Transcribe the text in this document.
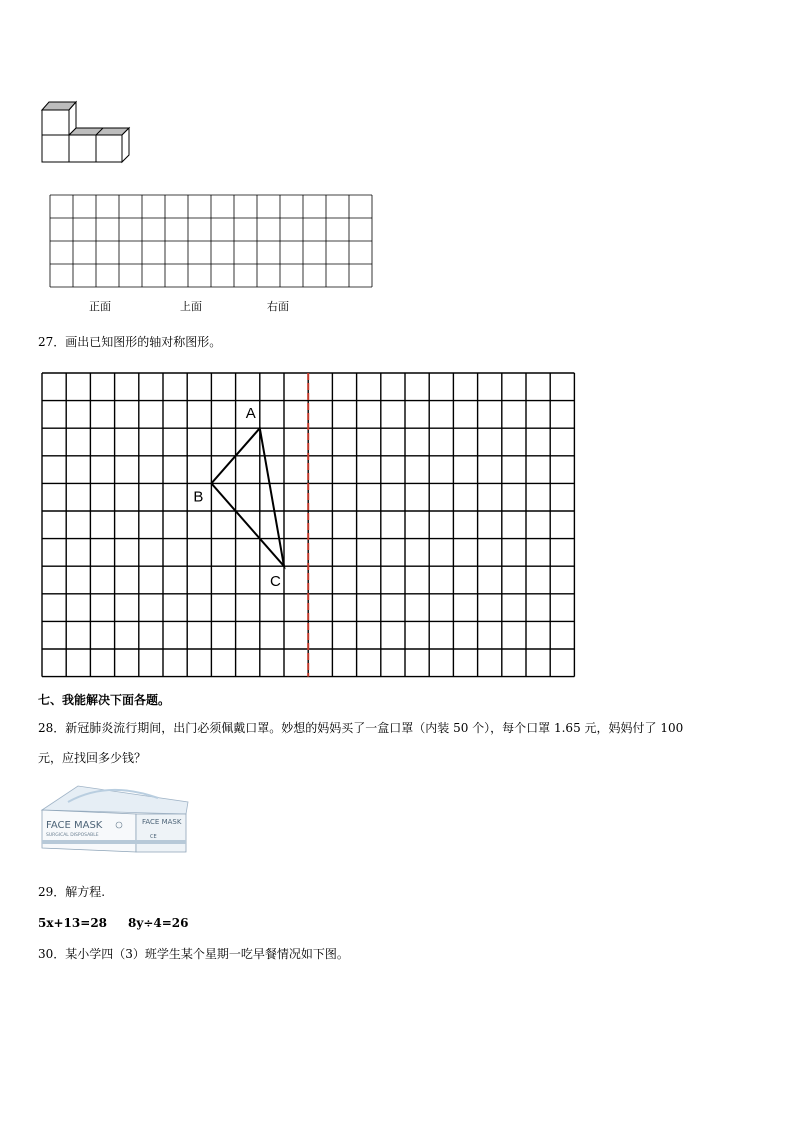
正面	上面	右面
27．画出已知图形的轴对称图形。
A
B
C
七、我能解决下面各题。
28．新冠肺炎流行期间，出门必须佩戴口罩。妙想的妈妈买了一盒口罩（内装 50 个），每个口罩 1.65 元，妈妈付了 100
元，应找回多少钱？
FACE MASK
SURGICAL DISPOSABLE
FACE MASK
CE
29．解方程.
5x+13=28 8y÷4=26
30．某小学四（3）班学生某个星期一吃早餐情况如下图。
